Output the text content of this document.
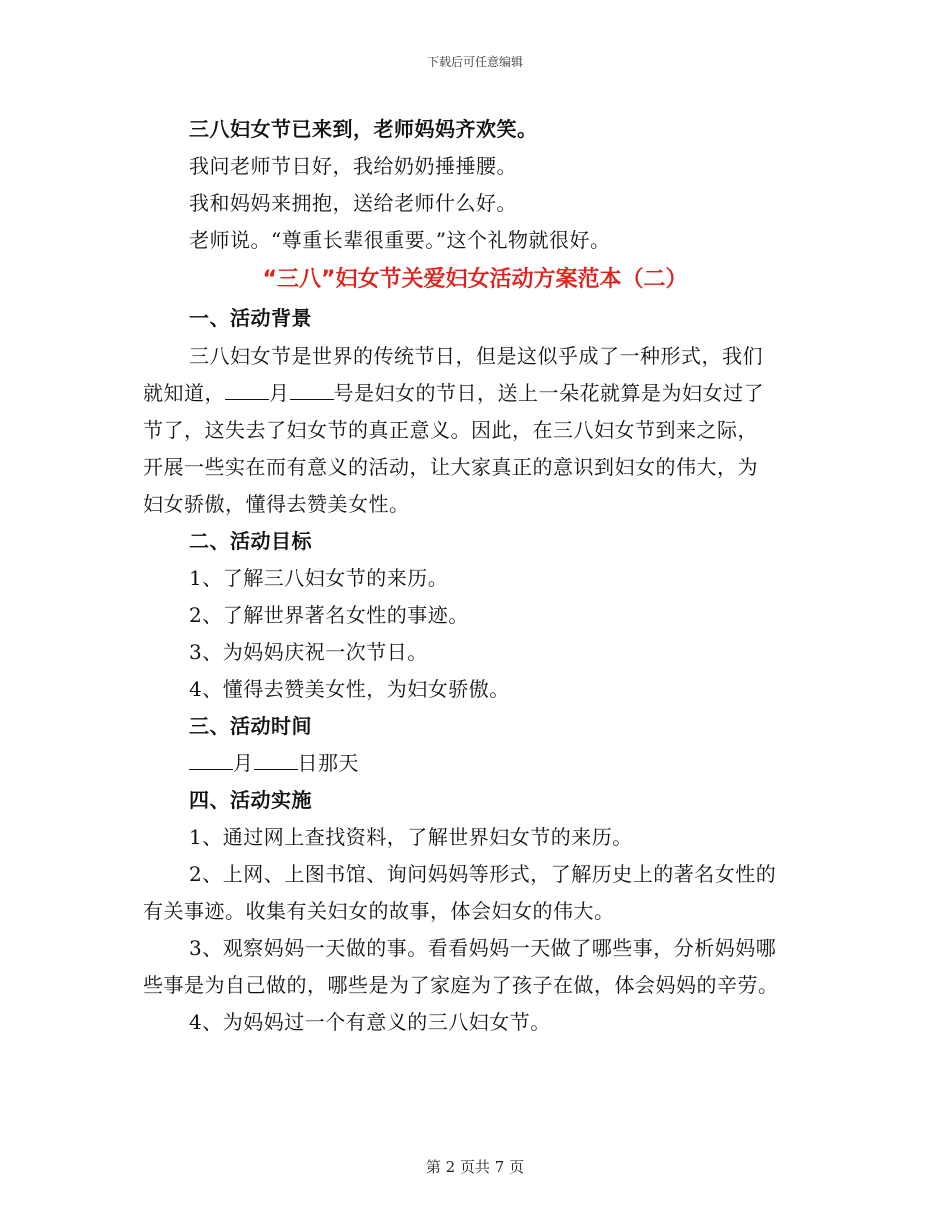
下载后可任意编辑
三八妇女节已来到，老师妈妈齐欢笑。
我问老师节日好，我给奶奶捶捶腰。
我和妈妈来拥抱，送给老师什么好。
老师说。“尊重长辈很重要。”这个礼物就很好。
“三八”妇女节关爱妇女活动方案范本（二）
一、活动背景
三八妇女节是世界的传统节日，但是这似乎成了一种形式，我们
就知道， 月 号是妇女的节日，送上一朵花就算是为妇女过了
节了，这失去了妇女节的真正意义。因此，在三八妇女节到来之际，
开展一些实在而有意义的活动，让大家真正的意识到妇女的伟大，为
妇女骄傲，懂得去赞美女性。
二、活动目标
1、了解三八妇女节的来历。
2、了解世界著名女性的事迹。
3、为妈妈庆祝一次节日。
4、懂得去赞美女性，为妇女骄傲。
三、活动时间
月 日那天
四、活动实施
1、通过网上查找资料，了解世界妇女节的来历。
2、上网、上图书馆、询问妈妈等形式，了解历史上的著名女性的
有关事迹。收集有关妇女的故事，体会妇女的伟大。
3、观察妈妈一天做的事。看看妈妈一天做了哪些事，分析妈妈哪
些事是为自己做的，哪些是为了家庭为了孩子在做，体会妈妈的辛劳。
4、为妈妈过一个有意义的三八妇女节。
第 2 页共 7 页
